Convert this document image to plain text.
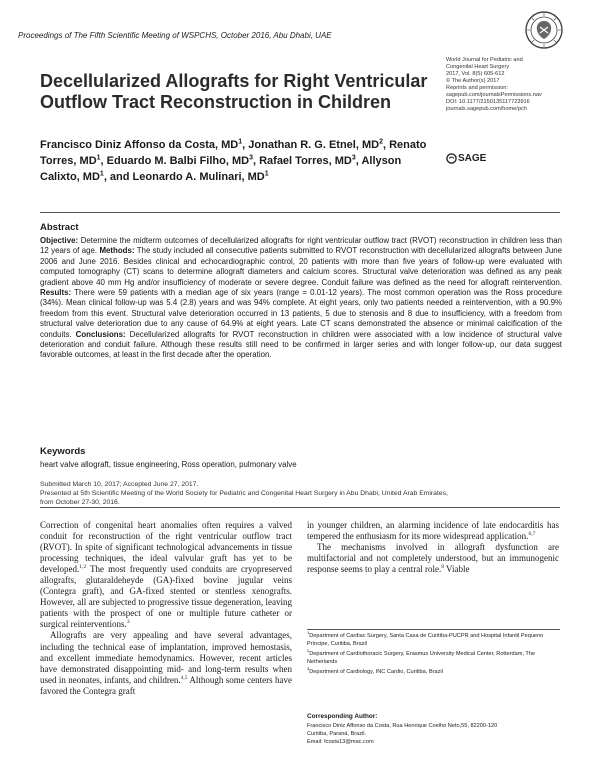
Proceedings of The Fifth Scientific Meeting of WSPCHS, October 2016, Abu Dhabi, UAE
World Journal for Pediatric and
Congenital Heart Surgery
2017, Vol. 8(5) 605-612
© The Author(s) 2017
Reprints and permission:
sagepub.com/journalsPermissions.nav
DOI: 10.1177/2150135117723916
journals.sagepub.com/home/pch
SAGE
Decellularized Allografts for Right Ventricular Outflow Tract Reconstruction in Children
Francisco Diniz Affonso da Costa, $MD^1$, Jonathan R. G. Etnel, $MD^2$, Renato Torres, $MD^1$, Eduardo M. Balbi Filho, $MD^3$, Rafael Torres, $MD^3$, Allyson Calixto, $MD^1$, and Leonardo A. Mulinari, $MD^1$
Abstract
Objective: Determine the midterm outcomes of decellularized allografts for right ventricular outflow tract (RVOT) reconstruction in children less than 12 years of age. Methods: The study included all consecutive patients submitted to RVOT reconstruction with decellularized allografts between June 2006 and June 2016. Besides clinical and echocardiographic control, 20 patients with more than five years of follow-up were evaluated with computed tomography (CT) scans to determine allograft diameters and calcium scores. Structural valve deterioration was defined as any peak gradient above 40 mm Hg and/or insufficiency of moderate or severe degree. Conduit failure was defined as the need for allograft reintervention. Results: There were 59 patients with a median age of six years (range = 0.01-12 years). The most common operation was the Ross procedure (34%). Mean clinical follow-up was 5.4 (2.8) years and was 94% complete. At eight years, only two patients needed a reintervention, with a 90.9% freedom from this event. Structural valve deterioration occurred in 13 patients, 5 due to stenosis and 8 due to insufficiency, with a freedom from structural valve deterioration due to any cause of 64.9% at eight years. Late CT scans demonstrated the absence or minimal calcification of the conduits. Conclusions: Decellularized allografts for RVOT reconstruction in children were associated with a low incidence of structural valve deterioration and conduit failure. Although these results still need to be confirmed in larger series and with longer follow-up, our data suggest favorable outcomes, at least in the first decade after the operation.
Keywords
heart valve allograft, tissue engineering, Ross operation, pulmonary valve
Submitted March 10, 2017; Accepted June 27, 2017.
Presented at 5th Scientific Meeting of the World Society for Pediatric and Congenital Heart Surgery in Abu Dhabi, United Arab Emirates,
from October 27-30, 2016.

Correction of congenital heart anomalies often requires a valved conduit for reconstruction of the right ventricular outflow tract (RVOT). In spite of significant technological advancements in tissue processing techniques, the ideal valvular graft has yet to be developed.$^{1,2}$ The most frequently used conduits are cryopreserved allografts, glutaraldeheyde (GA)-fixed bovine jugular veins (Contegra graft), and GA-fixed stented or stentless xenografts. However, all are subjected to progressive tissue degeneration, leaving patients with the prospect of one or multiple future catheter or surgical reinterventions.$^3$

Allografts are very appealing and have several advantages, including the technical ease of implantation, improved hemostasis, and excellent immediate hemodynamics. However, recent articles have demonstrated disappointing mid- and long-term results when used in neonates, infants, and children.$^{4,5}$ Although some centers have favored the Contegra graft

in younger children, an alarming incidence of late endocarditis has tempered the enthusiasm for its more widespread application.$^{6,7}$

The mechanisms involved in allograft dysfunction are multifactorial and not completely understood, but an immunogenic response seems to play a central role.$^8$ Viable

$^1$Department of Cardiac Surgery, Santa Casa de Curitiba-PUCPR and Hospital Infantil Pequeno Príncipe, Curitiba, Brazil
$^2$Department of Cardiothoracic Surgery, Erasmus University Medical Center, Rotterdam, The Netherlands
$^3$Department of Cardiology, INC Cardio, Curitiba, Brazil
Corresponding Author:
Francisco Diniz Affonso da Costa, Rua Henrique Coelho Neto,55, 82200-120
Curitiba, Paraná, Brazil.
Email: fcosta13@mac.com
